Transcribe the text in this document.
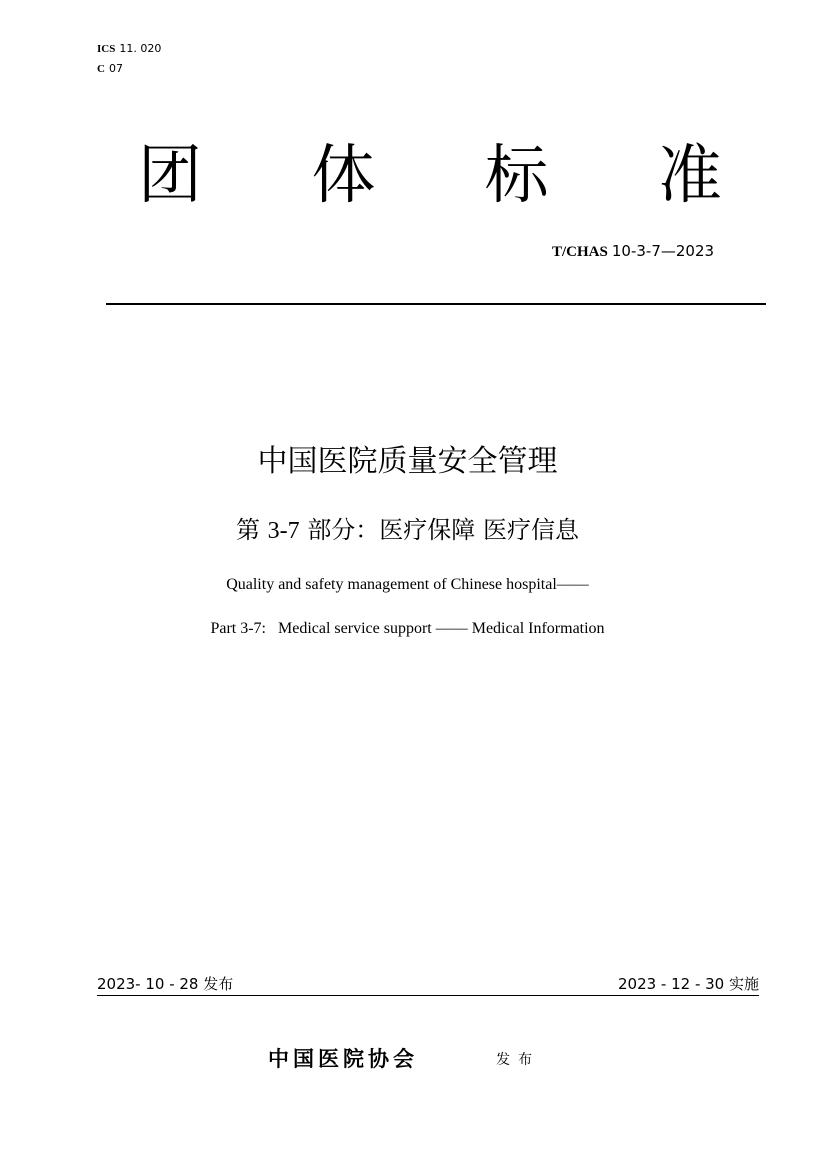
ICS 11. 020
C 07
团 体 标 准
T/CHAS 10-3-7—2023
中国医院质量安全管理
第 3-7 部分：医疗保障 医疗信息
Quality and safety management of Chinese hospital——
Part 3-7:   Medical service support —— Medical Information
2023- 10 - 28 发布	2023 - 12 - 30 实施
中国医院协会	发布
